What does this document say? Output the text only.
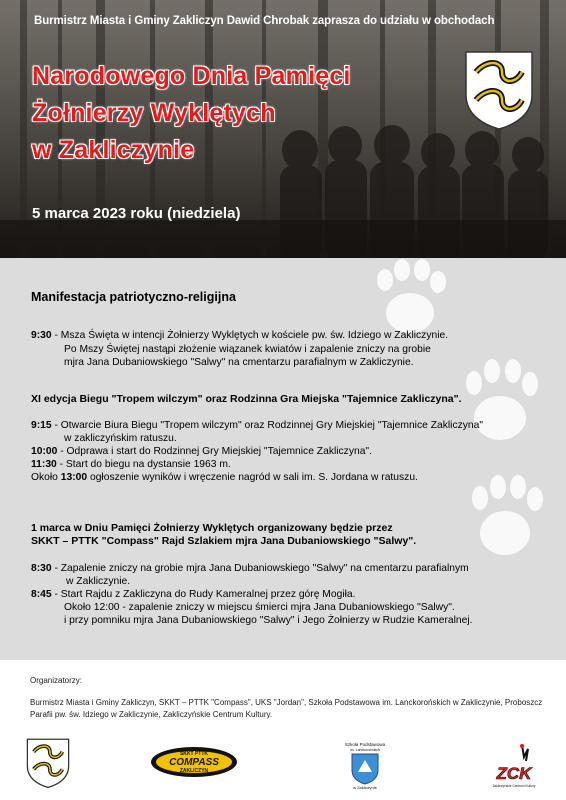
Burmistrz Miasta i Gminy Zakliczyn Dawid Chrobak zaprasza do udziału w obchodach
Narodowego Dnia Pamięci
Żołnierzy Wyklętych
w Zakliczynie
5 marca 2023 roku (niedziela)
Manifestacja patriotyczno-religijna
9:30 - Msza Święta w intencji Żołnierzy Wyklętych w kościele pw. św. Idziego w Zakliczynie.
Po Mszy Świętej nastąpi złożenie wiązanek kwiatów i zapalenie zniczy na grobie
mjra Jana Dubaniowskiego "Salwy" na cmentarzu parafialnym w Zakliczynie.
XI edycja Biegu "Tropem wilczym" oraz Rodzinna Gra Miejska "Tajemnice Zakliczyna".
9:15 - Otwarcie Biura Biegu "Tropem wilczym" oraz Rodzinnej Gry Miejskiej "Tajemnice Zakliczyna"
w zakliczyńskim ratuszu.
10:00 - Odprawa i start do Rodzinnej Gry Miejskiej "Tajemnice Zakliczyna".
11:30 - Start do biegu na dystansie 1963 m.
Około 13:00 ogłoszenie wyników i wręczenie nagród w sali im. S. Jordana w ratuszu.
1 marca w Dniu Pamięci Żołnierzy Wyklętych organizowany będzie przez
SKKT – PTTK "Compass" Rajd Szlakiem mjra Jana Dubaniowskiego "Salwy".
8:30 - Zapalenie zniczy na grobie mjra Jana Dubaniowskiego "Salwy" na cmentarzu parafialnym
w Zakliczynie.
8:45 - Start Rajdu z Zakliczyna do Rudy Kameralnej przez górę Mogiła.
Około 12:00 - zapalenie zniczy w miejscu śmierci mjra Jana Dubaniowskiego "Salwy".
i przy pomniku mjra Jana Dubaniowskiego "Salwy" i Jego Żołnierzy w Rudzie Kameralnej.
Organizatorzy:
Burmistrz Miasta i Gminy Zakliczyn, SKKT – PTTK "Compass", UKS "Jordan", Szkoła Podstawowa im. Lanckorońskich w Zakliczynie, Proboszcz Parafii pw. św. Idziego w Zakliczynie, Zakliczyńskie Centrum Kultury.
SKKT PTTK
COMPASS
ZAKLICZYN
Szkoła Podstawowa
im. Lanckorońskich
w Zakliczynie
ZCK
Zakliczyńskie Centrum Kultury
